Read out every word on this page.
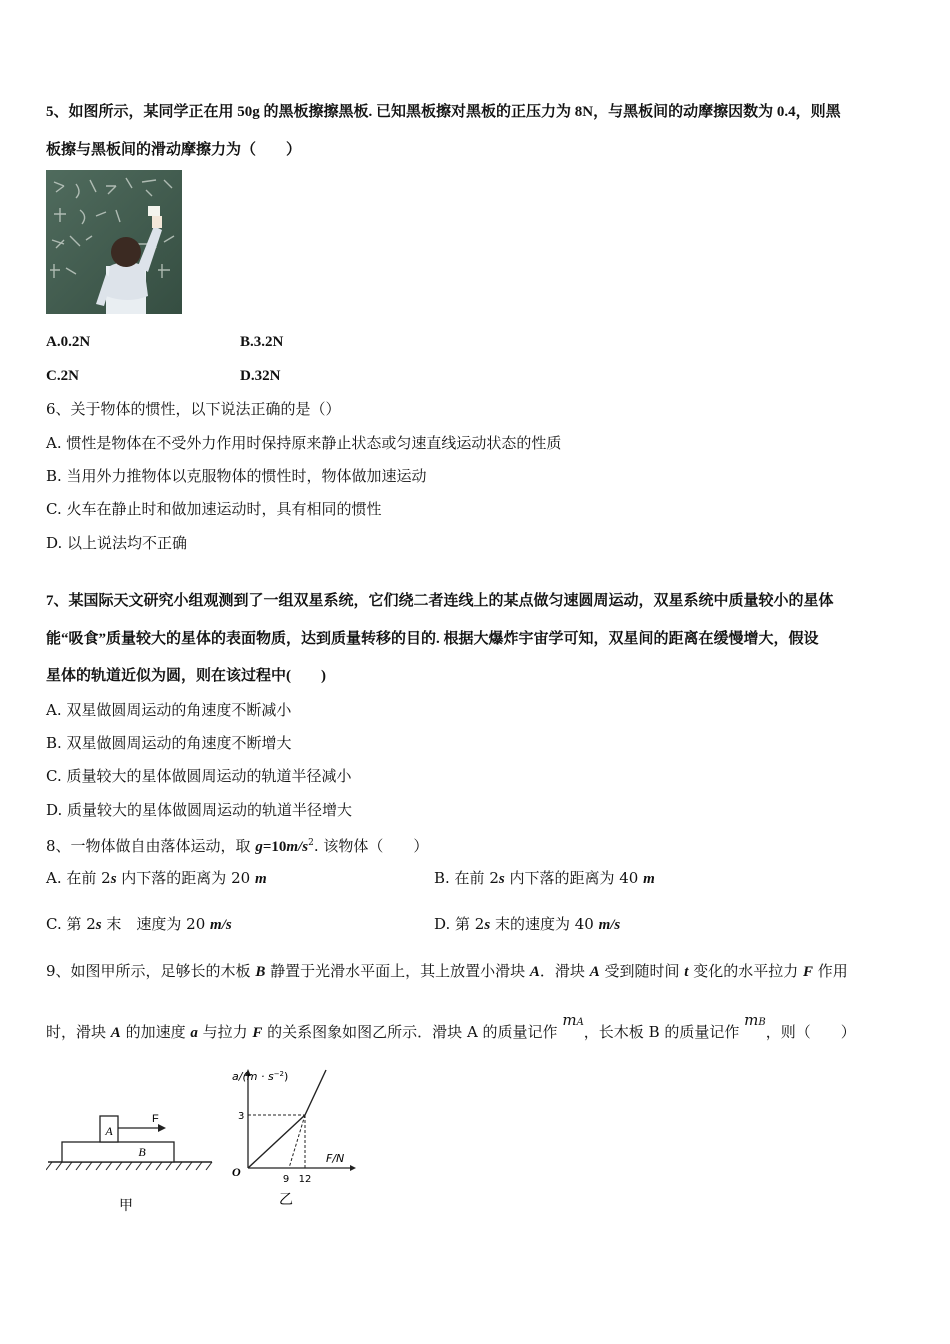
5、如图所示，某同学正在用 50g 的黑板擦擦黑板. 已知黑板擦对黑板的正压力为 8N，与黑板间的动摩擦因数为 0.4，则黑
板擦与黑板间的滑动摩擦力为（　　）
A.0.2N	B.3.2N
C.2N	D.32N
6、关于物体的惯性，以下说法正确的是（）
A. 惯性是物体在不受外力作用时保持原来静止状态或匀速直线运动状态的性质
B. 当用外力推物体以克服物体的惯性时，物体做加速运动
C. 火车在静止时和做加速运动时，具有相同的惯性
D. 以上说法均不正确
7、某国际天文研究小组观测到了一组双星系统，它们绕二者连线上的某点做匀速圆周运动，双星系统中质量较小的星体
能“吸食”质量较大的星体的表面物质，达到质量转移的目的. 根据大爆炸宇宙学可知，双星间的距离在缓慢增大，假设
星体的轨道近似为圆，则在该过程中(　　)
A. 双星做圆周运动的角速度不断减小
B. 双星做圆周运动的角速度不断增大
C. 质量较大的星体做圆周运动的轨道半径减小
D. 质量较大的星体做圆周运动的轨道半径增大
8、一物体做自由落体运动，取 $g=10m/s^2$. 该物体（　　）
A. 在前 2s 内下落的距离为 20 m	B. 在前 2s 内下落的距离为 40 m
C. 第 2s 末　速度为 20 m/s	D. 第 2s 末的速度为 40 m/s
9、如图甲所示，足够长的木板 B 静置于光滑水平面上，其上放置小滑块 A．滑块 A 受到随时间 t 变化的水平拉力 F 作用
时，滑块 A 的加速度 a 与拉力 F 的关系图象如图乙所示．滑块 A 的质量记作 mA，长木板 B 的质量记作 mB，则（　　）
A
B
F
甲
$a/(m \cdot s^{-2})$
F/N
O
3
9 12
乙
